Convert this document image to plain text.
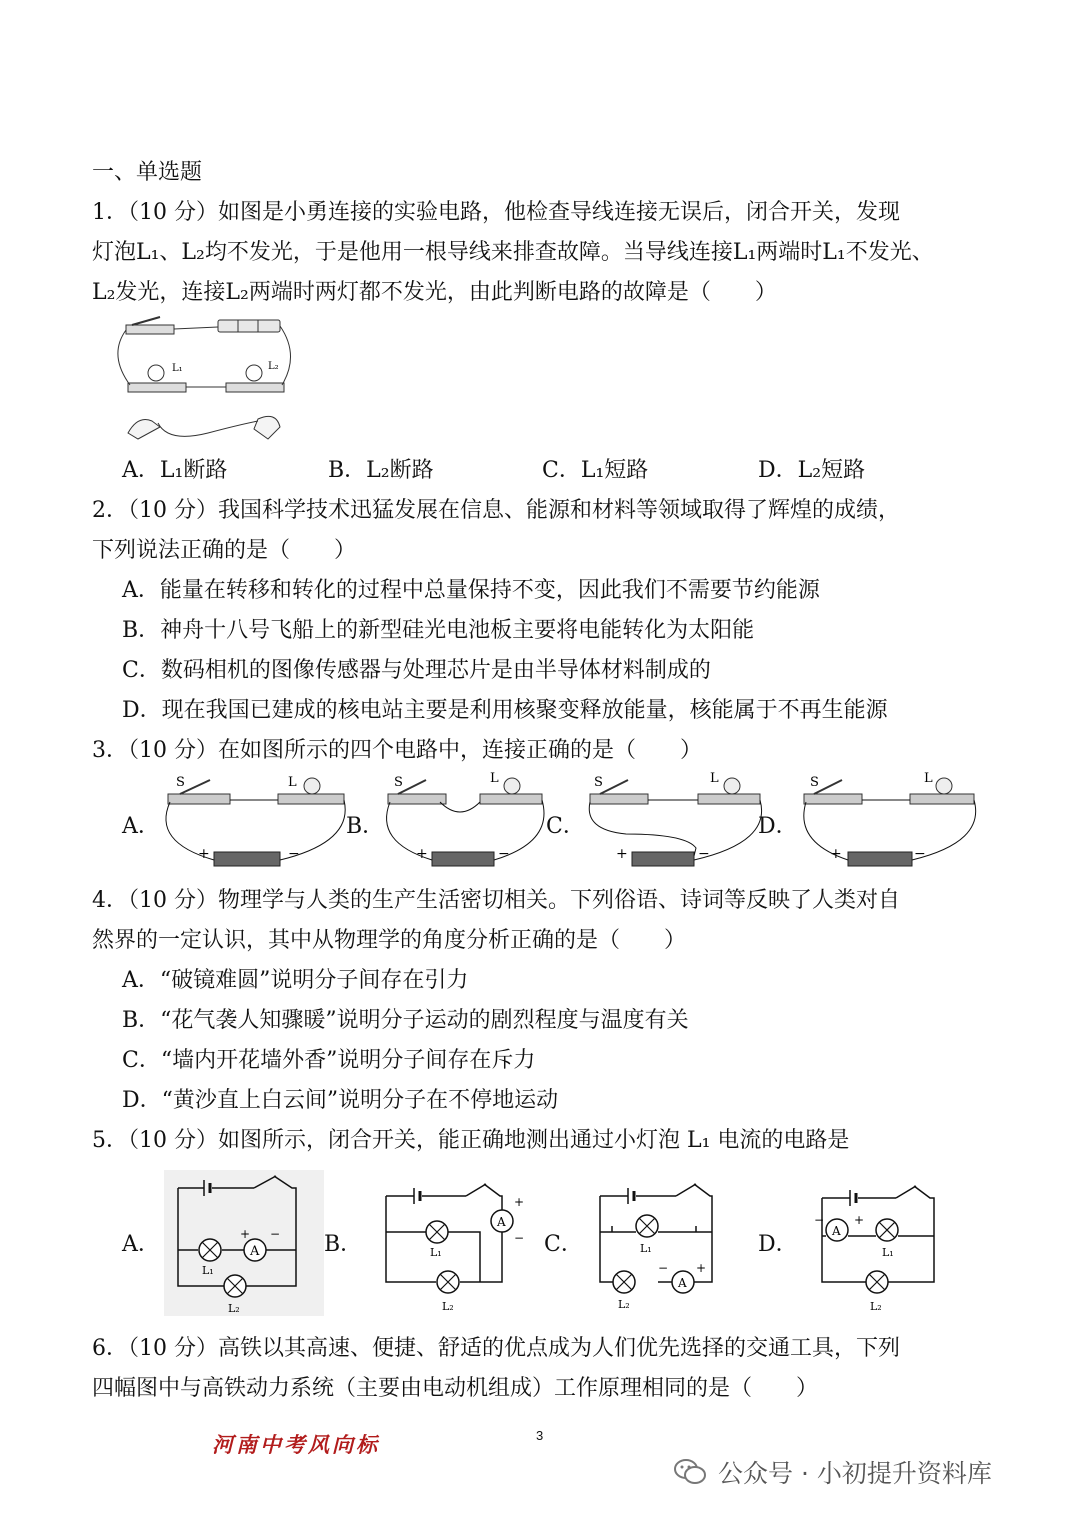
一、单选题
1．（10 分）如图是小勇连接的实验电路，他检查导线连接无误后，闭合开关，发现
灯泡L₁、L₂均不发光，于是他用一根导线来排查故障。当导线连接L₁两端时L₁不发光、
L₂发光，连接L₂两端时两灯都不发光，由此判断电路的故障是（　　）
L₁	L₂
A．L₁断路	B．L₂断路	C．L₁短路	D．L₂短路
2．（10 分）我国科学技术迅猛发展在信息、能源和材料等领域取得了辉煌的成绩，
下列说法正确的是（　　）
A．能量在转移和转化的过程中总量保持不变，因此我们不需要节约能源
B．神舟十八号飞船上的新型硅光电池板主要将电能转化为太阳能
C．数码相机的图像传感器与处理芯片是由半导体材料制成的
D．现在我国已建成的核电站主要是利用核聚变释放能量，核能属于不再生能源
3．（10 分）在如图所示的四个电路中，连接正确的是（　　）
A．	B．	C．	D．
S	L
+	−
S	L
+	−
S	L
+	−
S	L
+	−
4．（10 分）物理学与人类的生产生活密切相关。下列俗语、诗词等反映了人类对自
然界的一定认识，其中从物理学的角度分析正确的是（　　）
A．“破镜难圆”说明分子间存在引力
B．“花气袭人知骤暖”说明分子运动的剧烈程度与温度有关
C．“墙内开花墙外香”说明分子间存在斥力
D．“黄沙直上白云间”说明分子在不停地运动
5．（10 分）如图所示，闭合开关，能正确地测出通过小灯泡 L₁ 电流的电路是
A．	B．	C．	D．
A
+ −
L₁
L₂
A
+
−
L₁
L₂
L₁
A
− +
L₂
A
− +
L₁
L₂
6．（10 分）高铁以其高速、便捷、舒适的优点成为人们优先选择的交通工具，下列
四幅图中与高铁动力系统（主要由电动机组成）工作原理相同的是（　　）
河南中考风向标	3
公众号 · 小初提升资料库
